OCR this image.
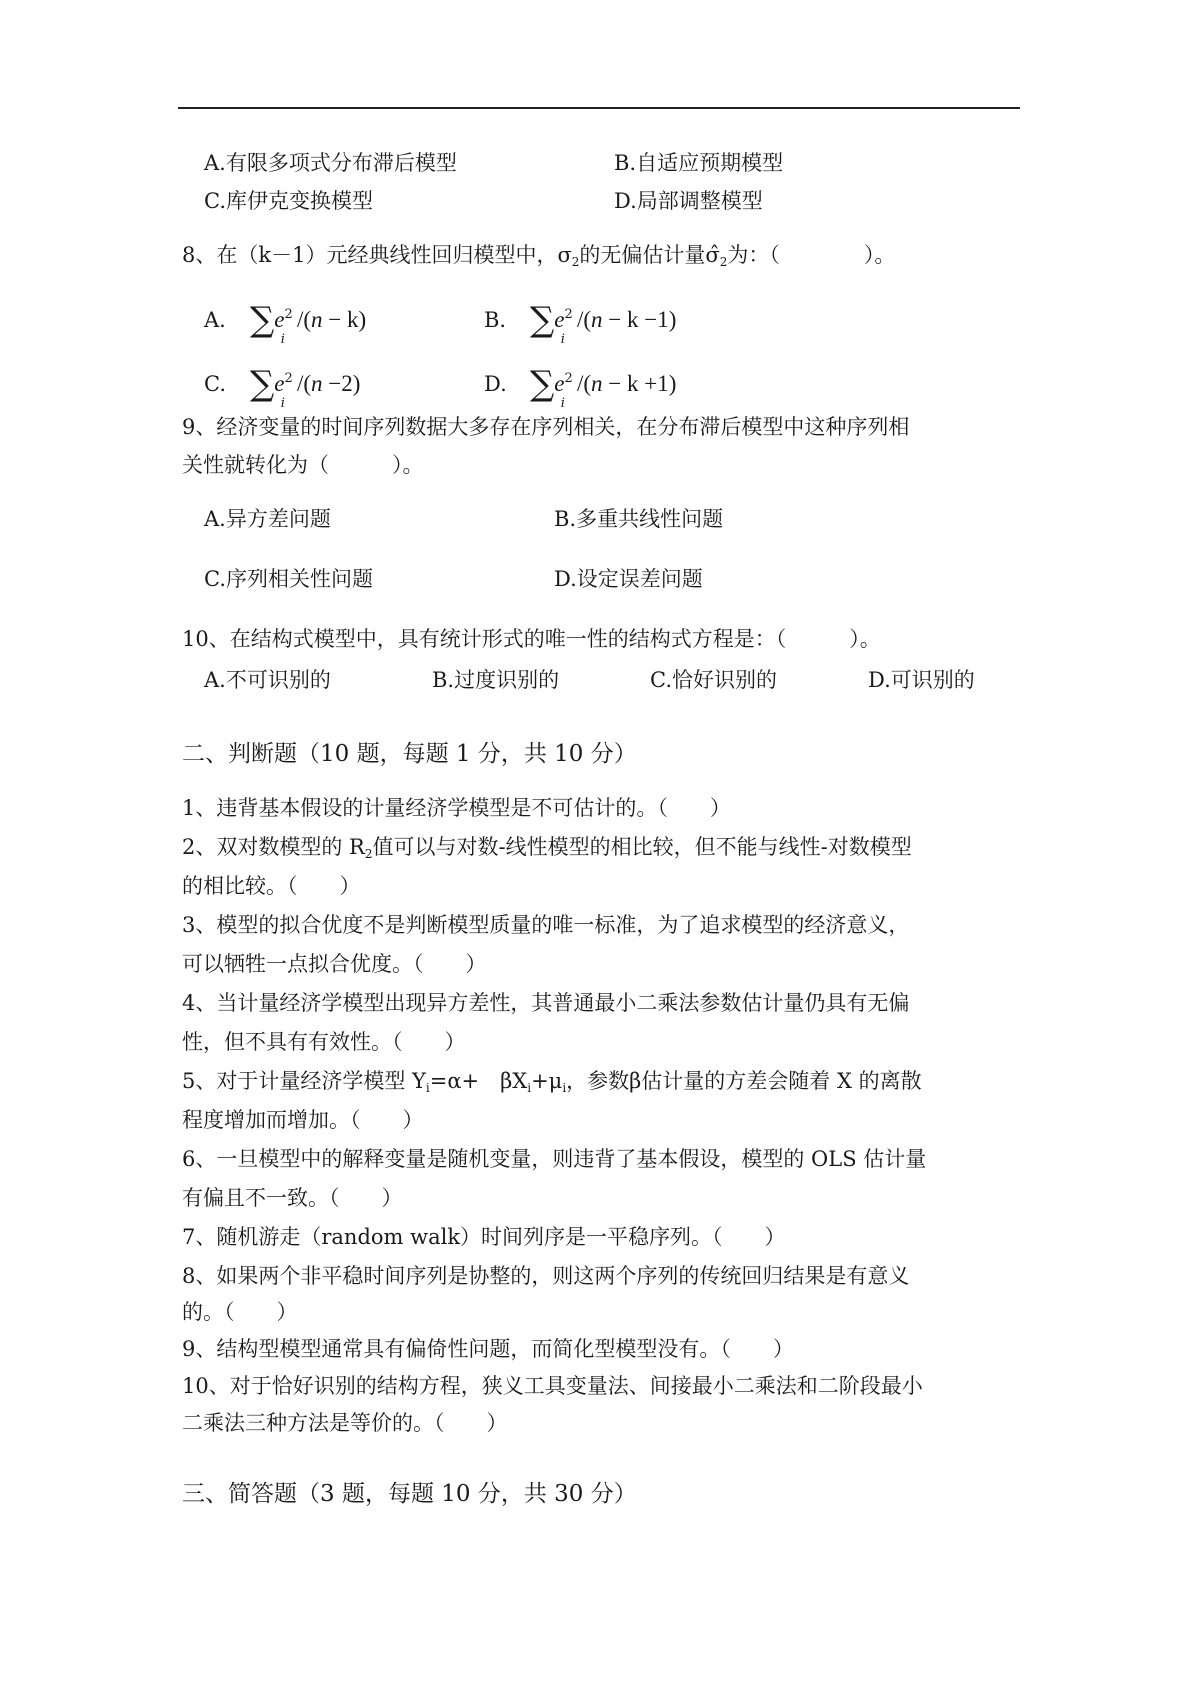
A.有限多项式分布滞后模型	B.自适应预期模型
C.库伊克变换模型	D.局部调整模型
8、在（k－1）元经典线性回归模型中，σ2的无偏估计量σ̂2为：（　　　　）。
A. $\sum e^2_i/(n - k)$	B. $\sum e^2_i/(n - k -1)$
C. $\sum e^2_i/(n -2)$	D. $\sum e^2_i/(n - k +1)$
9、经济变量的时间序列数据大多存在序列相关，在分布滞后模型中这种序列相
关性就转化为（　　　）。
A.异方差问题	B.多重共线性问题
C.序列相关性问题	D.设定误差问题
10、在结构式模型中，具有统计形式的唯一性的结构式方程是：（　　　）。
A.不可识别的	B.过度识别的	C.恰好识别的	D.可识别的
二、判断题（10 题，每题 1 分，共 10 分）
1、违背基本假设的计量经济学模型是不可估计的。（　　）
2、双对数模型的 R2值可以与对数-线性模型的相比较，但不能与线性-对数模型
的相比较。（　　）
3、模型的拟合优度不是判断模型质量的唯一标准，为了追求模型的经济意义，
可以牺牲一点拟合优度。（　　）
4、当计量经济学模型出现异方差性，其普通最小二乘法参数估计量仍具有无偏
性，但不具有有效性。（　　）
5、对于计量经济学模型 Yi=α+　βXi+μi，参数β估计量的方差会随着 X 的离散
程度增加而增加。（　　）
6、一旦模型中的解释变量是随机变量，则违背了基本假设，模型的 OLS 估计量
有偏且不一致。（　　）
7、随机游走（random walk）时间列序是一平稳序列。（　　）
8、如果两个非平稳时间序列是协整的，则这两个序列的传统回归结果是有意义
的。（　　）
9、结构型模型通常具有偏倚性问题，而简化型模型没有。（　　）
10、对于恰好识别的结构方程，狭义工具变量法、间接最小二乘法和二阶段最小
二乘法三种方法是等价的。（　　）
三、简答题（3 题，每题 10 分，共 30 分）
